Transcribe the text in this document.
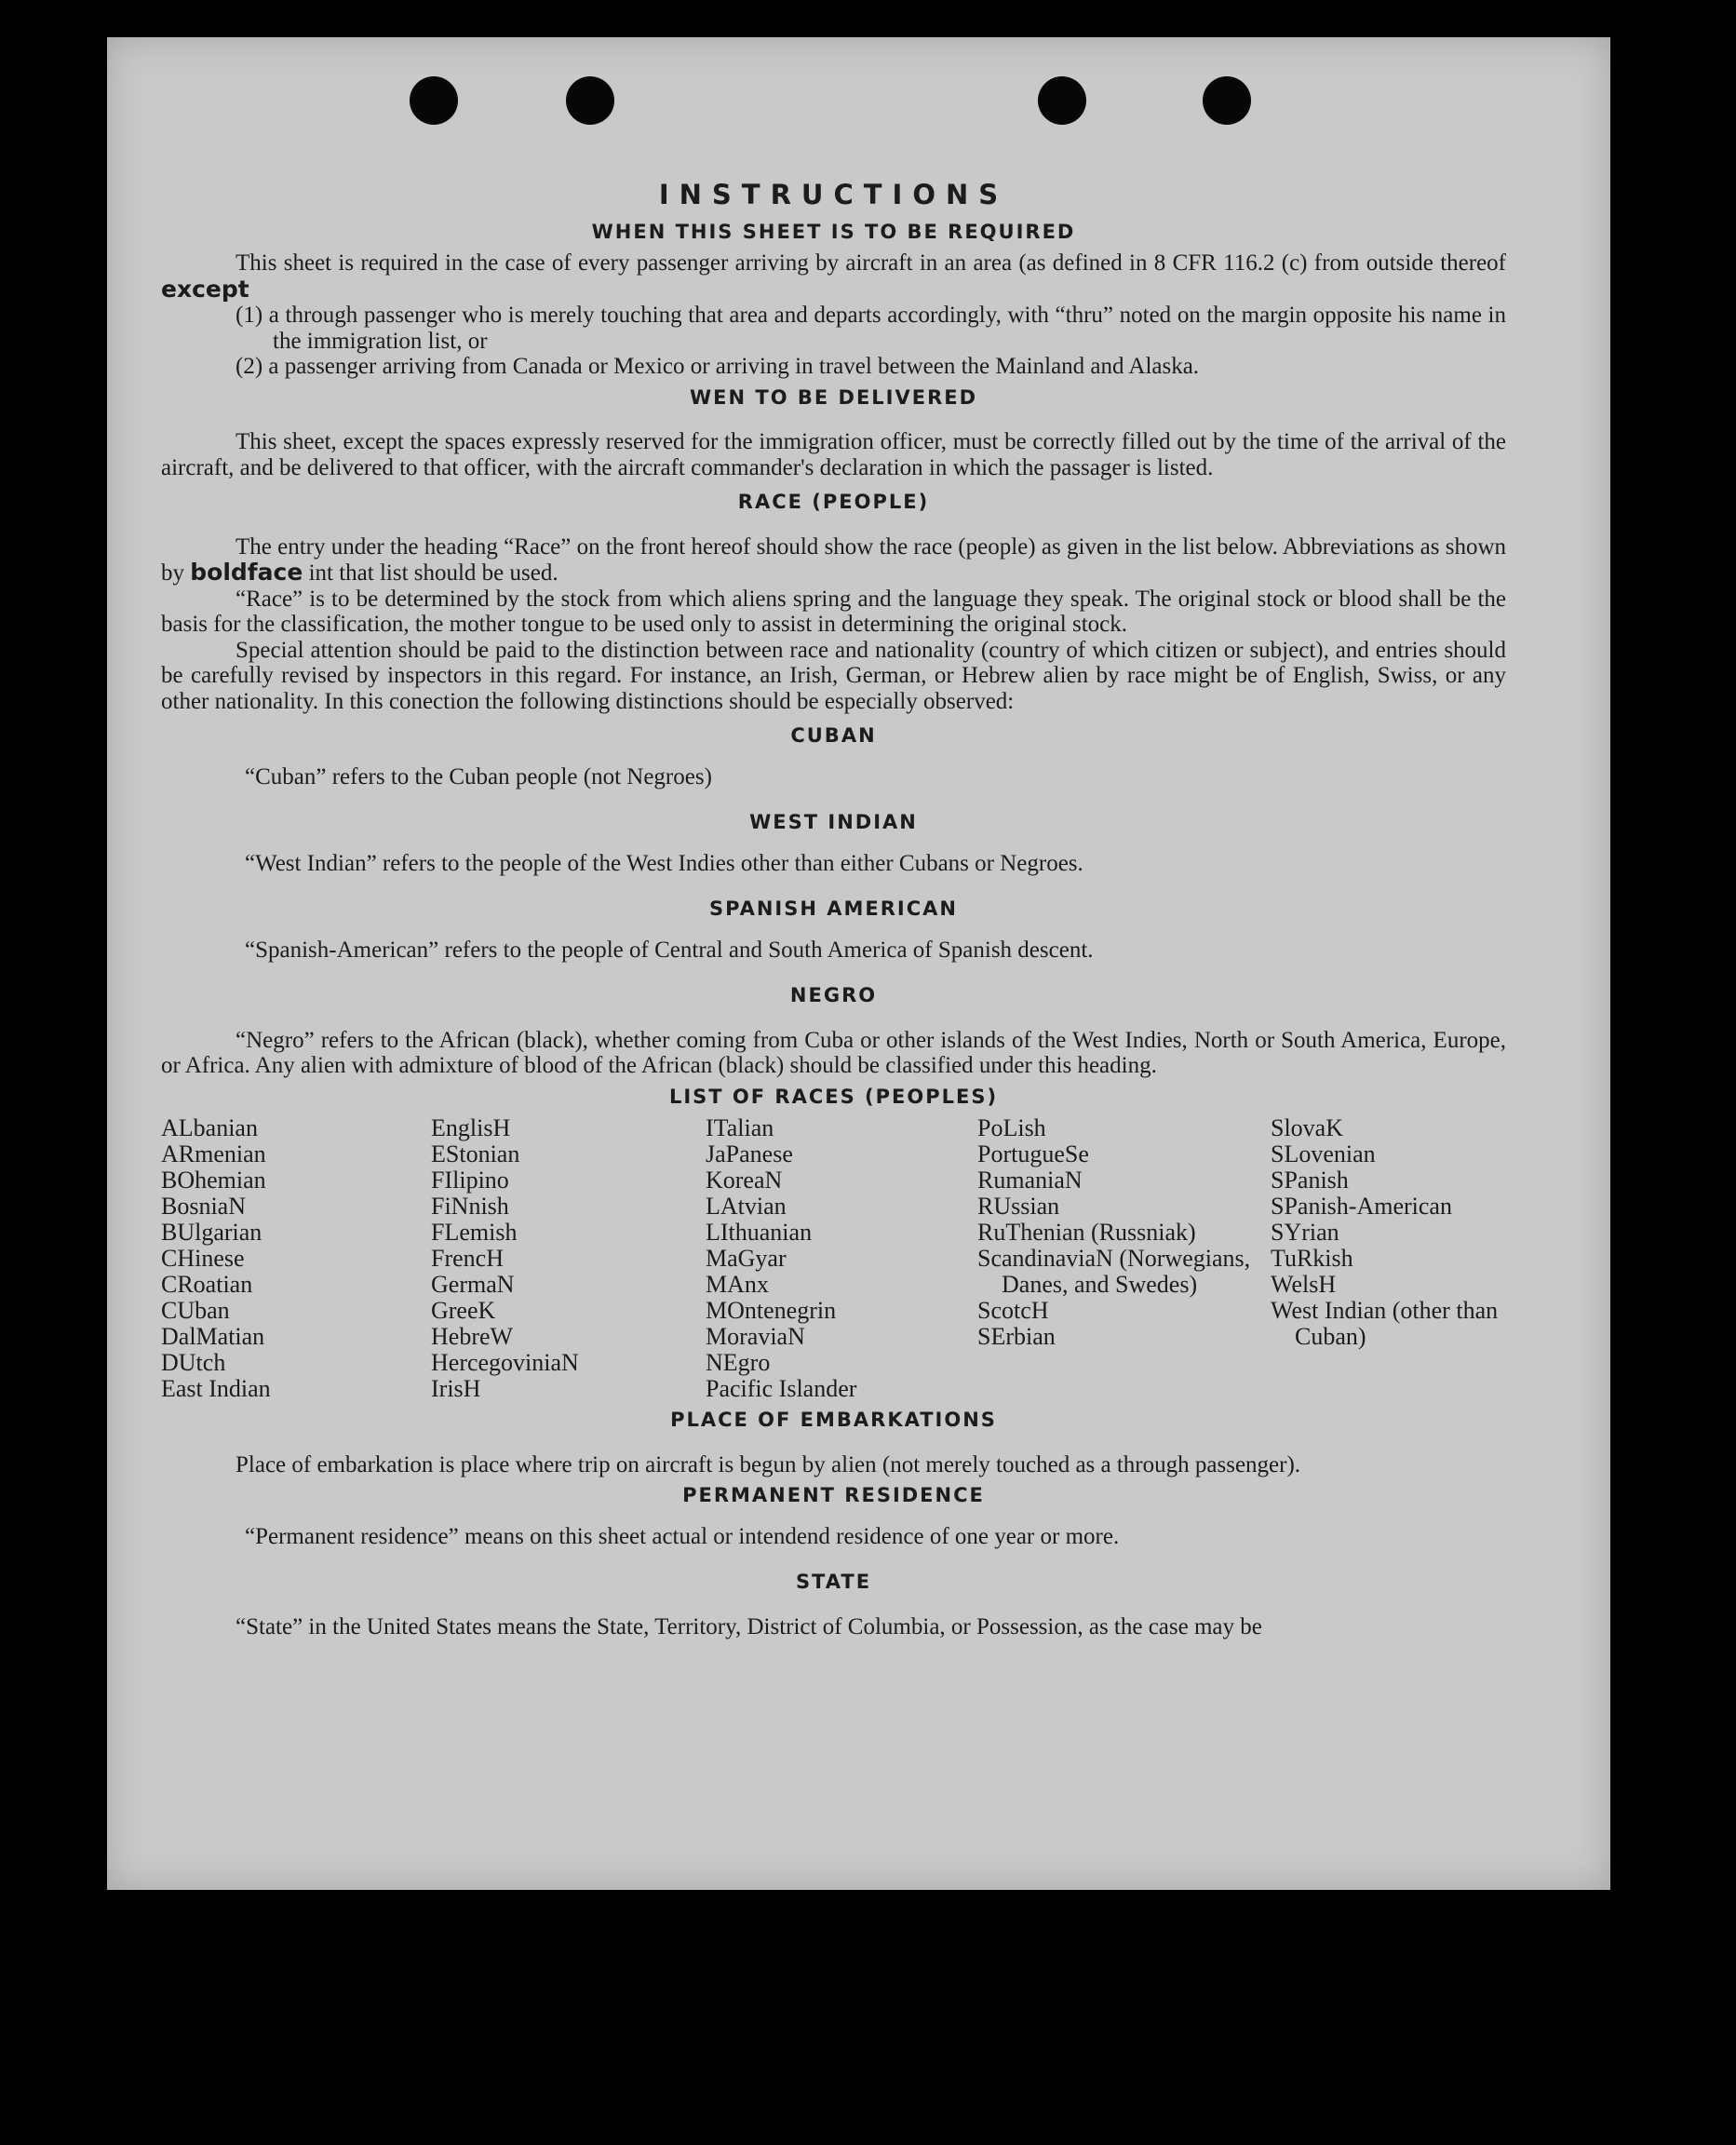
INSTRUCTIONS
WHEN THIS SHEET IS TO BE REQUIRED

This sheet is required in the case of every passenger arriving by aircraft in an area (as defined in 8 CFR 116.2 (c) from outside thereof except

(1) a through passenger who is merely touching that area and departs accordingly, with “thru” noted on the margin opposite his name in the immigration list, or

(2) a passenger arriving from Canada or Mexico or arriving in travel between the Mainland and Alaska.

WEN TO BE DELIVERED

This sheet, except the spaces expressly reserved for the immigration officer, must be correctly filled out by the time of the arrival of the aircraft, and be delivered to that officer, with the aircraft commander's declaration in which the passager is listed.

RACE (PEOPLE)

The entry under the heading “Race” on the front hereof should show the race (people) as given in the list below. Abbreviations as shown by boldface int that list should be used.

“Race” is to be determined by the stock from which aliens spring and the language they speak. The original stock or blood shall be the basis for the classification, the mother tongue to be used only to assist in determining the original stock.

Special attention should be paid to the distinction between race and nationality (country of which citizen or subject), and entries should be carefully revised by inspectors in this regard. For instance, an Irish, German, or Hebrew alien by race might be of English, Swiss, or any other nationality. In this conection the following distinctions should be especially observed:

CUBAN

“Cuban” refers to the Cuban people (not Negroes)

WEST INDIAN

“West Indian” refers to the people of the West Indies other than either Cubans or Negroes.

SPANISH AMERICAN

“Spanish-American” refers to the people of Central and South America of Spanish descent.

NEGRO

“Negro” refers to the African (black), whether coming from Cuba or other islands of the West Indies, North or South America, Europe, or Africa. Any alien with admixture of blood of the African (black) should be classified under this heading.

LIST OF RACES (PEOPLES)
ALbanian
ARmenian
BOhemian
BosniaN
BUlgarian
CHinese
CRoatian
CUban
DalMatian
DUtch
East Indian
EnglisH
EStonian
FIlipino
FiNnish
FLemish
FrencH
GermaN
GreeK
HebreW
HercegoviniaN
IrisH
ITalian
JaPanese
KoreaN
LAtvian
LIthuanian
MaGyar
MAnx
MOntenegrin
MoraviaN
NEgro
Pacific Islander
PoLish
PortugueSe
RumaniaN
RUssian
RuThenian (Russniak)
ScandinaviaN (Norwegians, Danes, and Swedes)
ScotcH
SErbian
SlovaK
SLovenian
SPanish
SPanish-American
SYrian
TuRkish
WelsH
West Indian (other than Cuban)
PLACE OF EMBARKATIONS

Place of embarkation is place where trip on aircraft is begun by alien (not merely touched as a through passenger).

PERMANENT RESIDENCE

“Permanent residence” means on this sheet actual or intendend residence of one year or more.

STATE

“State” in the United States means the State, Territory, District of Columbia, or Possession, as the case may be
